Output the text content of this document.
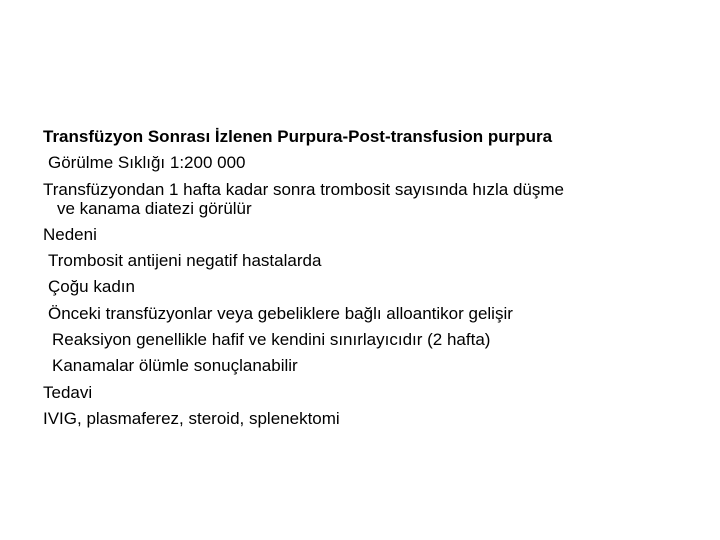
Transfüzyon Sonrası İzlenen Purpura-Post-transfusion purpura
Görülme Sıklığı 1:200 000
Transfüzyondan 1 hafta kadar sonra trombosit sayısında hızla düşme
ve kanama diatezi görülür
Nedeni
Trombosit antijeni negatif hastalarda
Çoğu kadın
Önceki transfüzyonlar veya gebeliklere bağlı alloantikor gelişir
Reaksiyon genellikle hafif ve kendini sınırlayıcıdır (2 hafta)
Kanamalar ölümle sonuçlanabilir
Tedavi
IVIG, plasmaferez, steroid, splenektomi
